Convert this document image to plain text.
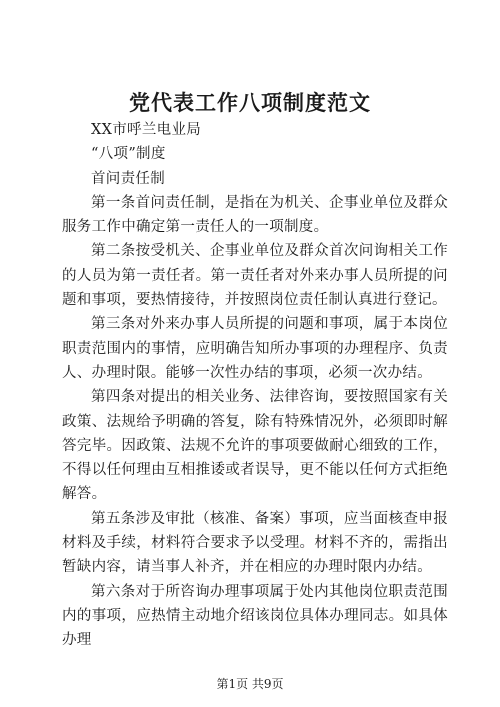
党代表工作八项制度范文

XX市呼兰电业局

“八项”制度

首问责任制

第一条首问责任制，是指在为机关、企事业单位及群众服务工作中确定第一责任人的一项制度。

第二条按受机关、企事业单位及群众首次问询相关工作的人员为第一责任者。第一责任者对外来办事人员所提的问题和事项，要热情接待，并按照岗位责任制认真进行登记。

第三条对外来办事人员所提的问题和事项，属于本岗位职责范围内的事情，应明确告知所办事项的办理程序、负责人、办理时限。能够一次性办结的事项，必须一次办结。

第四条对提出的相关业务、法律咨询，要按照国家有关政策、法规给予明确的答复，除有特殊情况外，必须即时解答完毕。因政策、法规不允许的事项要做耐心细致的工作，不得以任何理由互相推诿或者误导，更不能以任何方式拒绝解答。

第五条涉及审批（核准、备案）事项，应当面核查申报材料及手续，材料符合要求予以受理。材料不齐的，需指出暂缺内容，请当事人补齐，并在相应的办理时限内办结。

第六条对于所咨询办理事项属于处内其他岗位职责范围内的事项，应热情主动地介绍该岗位具体办理同志。如具体办理

第1页 共9页
